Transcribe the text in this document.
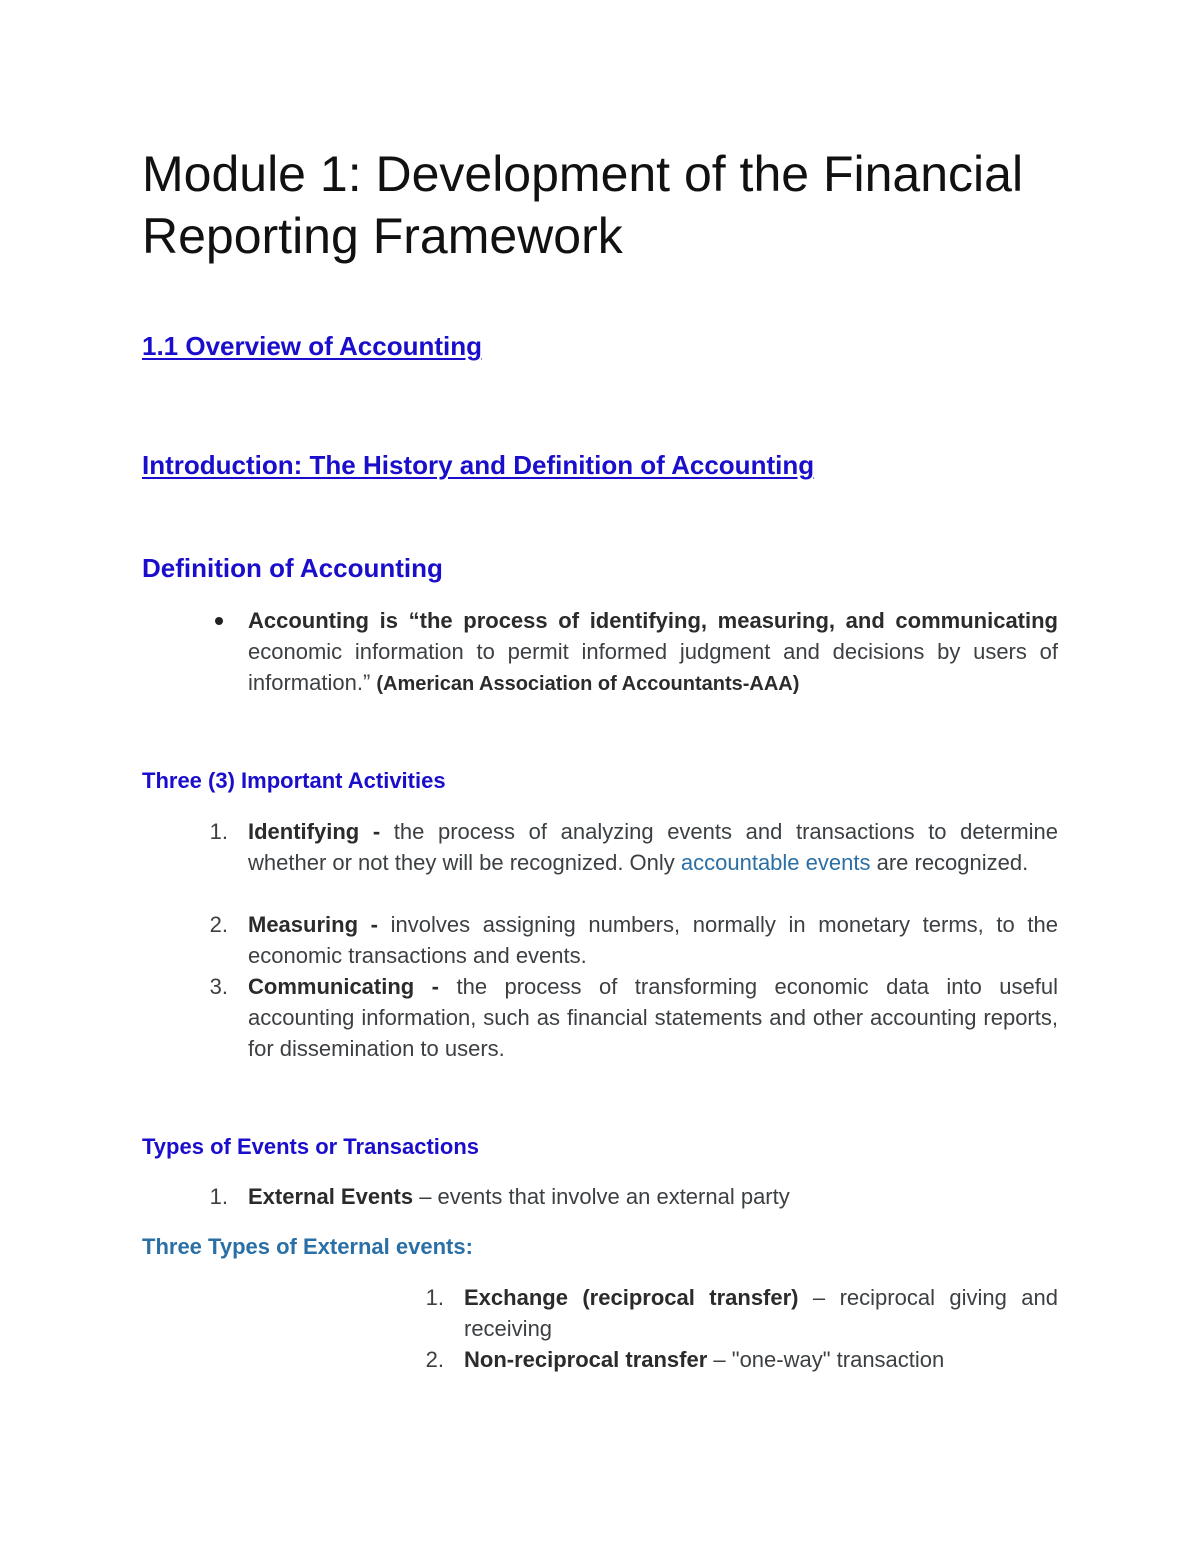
Module 1: Development of the Financial Reporting Framework
1.1 Overview of Accounting
Introduction: The History and Definition of Accounting
Definition of Accounting
Accounting is “the process of identifying, measuring, and communicating economic information to permit informed judgment and decisions by users of information.” (American Association of Accountants-AAA)
Three (3) Important Activities
1. Identifying - the process of analyzing events and transactions to determine whether or not they will be recognized. Only accountable events are recognized.
2. Measuring - involves assigning numbers, normally in monetary terms, to the economic transactions and events.
3. Communicating - the process of transforming economic data into useful accounting information, such as financial statements and other accounting reports, for dissemination to users.
Types of Events or Transactions
1. External Events – events that involve an external party
Three Types of External events:
1. Exchange (reciprocal transfer) – reciprocal giving and receiving
2. Non-reciprocal transfer – "one-way" transaction
